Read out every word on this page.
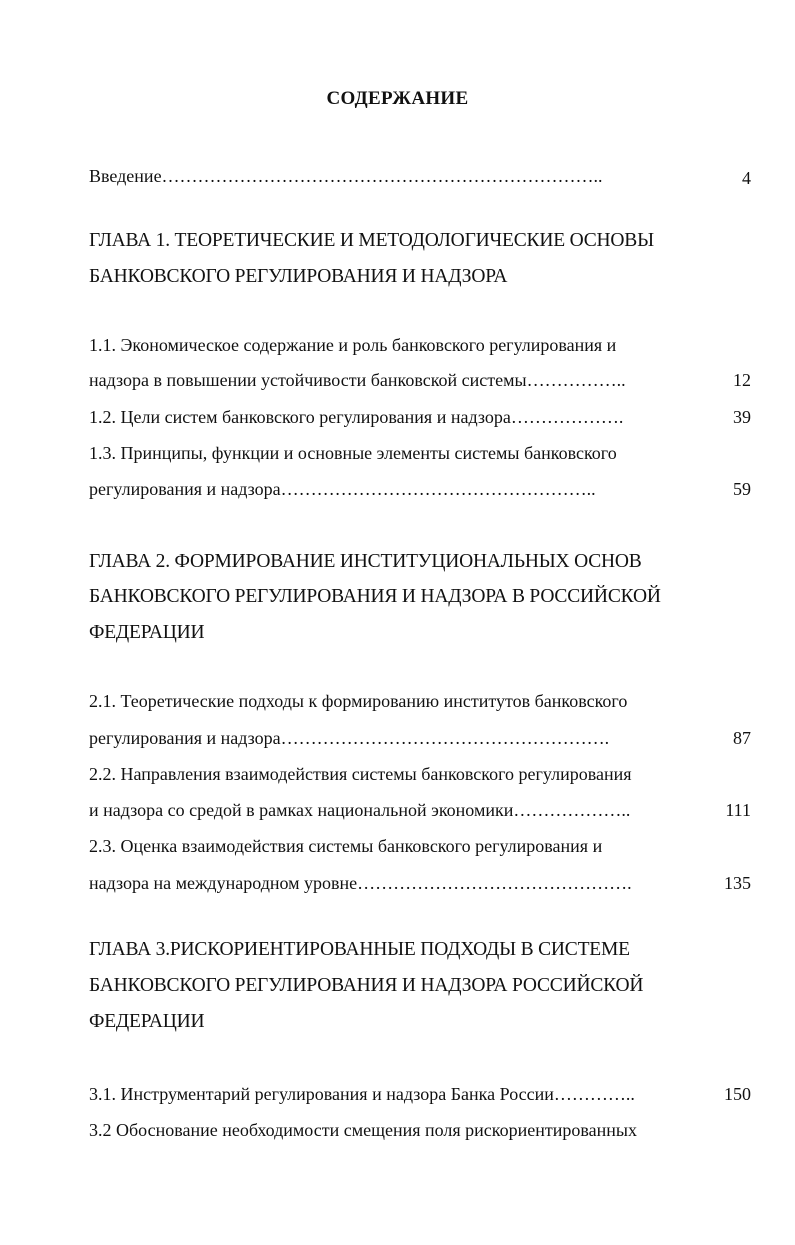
СОДЕРЖАНИЕ
Введение………………………………………………………………..	4
ГЛАВА 1. ТЕОРЕТИЧЕСКИЕ И МЕТОДОЛОГИЧЕСКИЕ ОСНОВЫ
БАНКОВСКОГО РЕГУЛИРОВАНИЯ И НАДЗОРА
1.1. Экономическое содержание и роль банковского регулирования и
надзора в повышении устойчивости банковской системы……………..	12
1.2. Цели систем банковского регулирования и надзора……………….	39
1.3. Принципы, функции и основные элементы системы банковского
регулирования и надзора……………………………………………..	59
ГЛАВА 2. ФОРМИРОВАНИЕ ИНСТИТУЦИОНАЛЬНЫХ ОСНОВ
БАНКОВСКОГО РЕГУЛИРОВАНИЯ И НАДЗОРА В РОССИЙСКОЙ
ФЕДЕРАЦИИ
2.1. Теоретические подходы к формированию институтов банковского
регулирования и надзора……………………………………………….	87
2.2. Направления взаимодействия системы банковского регулирования
и надзора со средой в рамках национальной экономики………………..	111
2.3. Оценка взаимодействия системы банковского регулирования и
надзора на международном уровне……………………………………….	135
ГЛАВА 3.РИСКОРИЕНТИРОВАННЫЕ ПОДХОДЫ В СИСТЕМЕ
БАНКОВСКОГО РЕГУЛИРОВАНИЯ И НАДЗОРА РОССИЙСКОЙ
ФЕДЕРАЦИИ
3.1. Инструментарий регулирования и надзора Банка России…………..	150
3.2 Обоснование необходимости смещения поля рискориентированных
